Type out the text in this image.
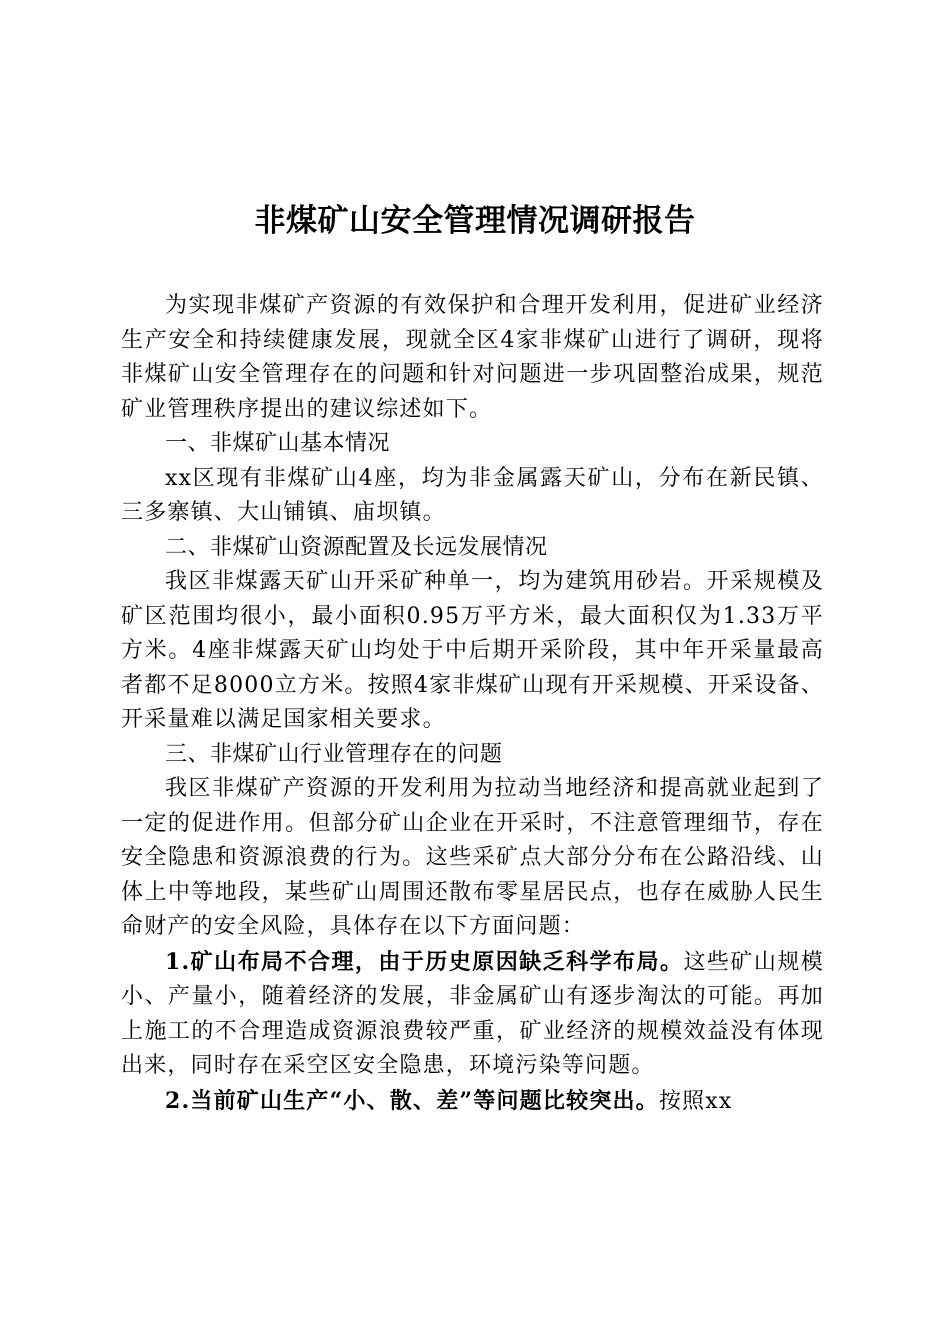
非煤矿山安全管理情况调研报告

为实现非煤矿产资源的有效保护和合理开发利用，促进矿业经济生产安全和持续健康发展，现就全区4家非煤矿山进行了调研，现将非煤矿山安全管理存在的问题和针对问题进一步巩固整治成果，规范矿业管理秩序提出的建议综述如下。

一、非煤矿山基本情况

xx区现有非煤矿山4座，均为非金属露天矿山，分布在新民镇、三多寨镇、大山铺镇、庙坝镇。

二、非煤矿山资源配置及长远发展情况

我区非煤露天矿山开采矿种单一，均为建筑用砂岩。开采规模及矿区范围均很小，最小面积0.95万平方米，最大面积仅为1.33万平方米。4座非煤露天矿山均处于中后期开采阶段，其中年开采量最高者都不足8000立方米。按照4家非煤矿山现有开采规模、开采设备、开采量难以满足国家相关要求。

三、非煤矿山行业管理存在的问题

我区非煤矿产资源的开发利用为拉动当地经济和提高就业起到了一定的促进作用。但部分矿山企业在开采时，不注意管理细节，存在安全隐患和资源浪费的行为。这些采矿点大部分分布在公路沿线、山体上中等地段，某些矿山周围还散布零星居民点，也存在威胁人民生命财产的安全风险，具体存在以下方面问题：

1.矿山布局不合理，由于历史原因缺乏科学布局。这些矿山规模小、产量小，随着经济的发展，非金属矿山有逐步淘汰的可能。再加上施工的不合理造成资源浪费较严重，矿业经济的规模效益没有体现出来，同时存在采空区安全隐患，环境污染等问题。

2.当前矿山生产“小、散、差”等问题比较突出。按照xx
